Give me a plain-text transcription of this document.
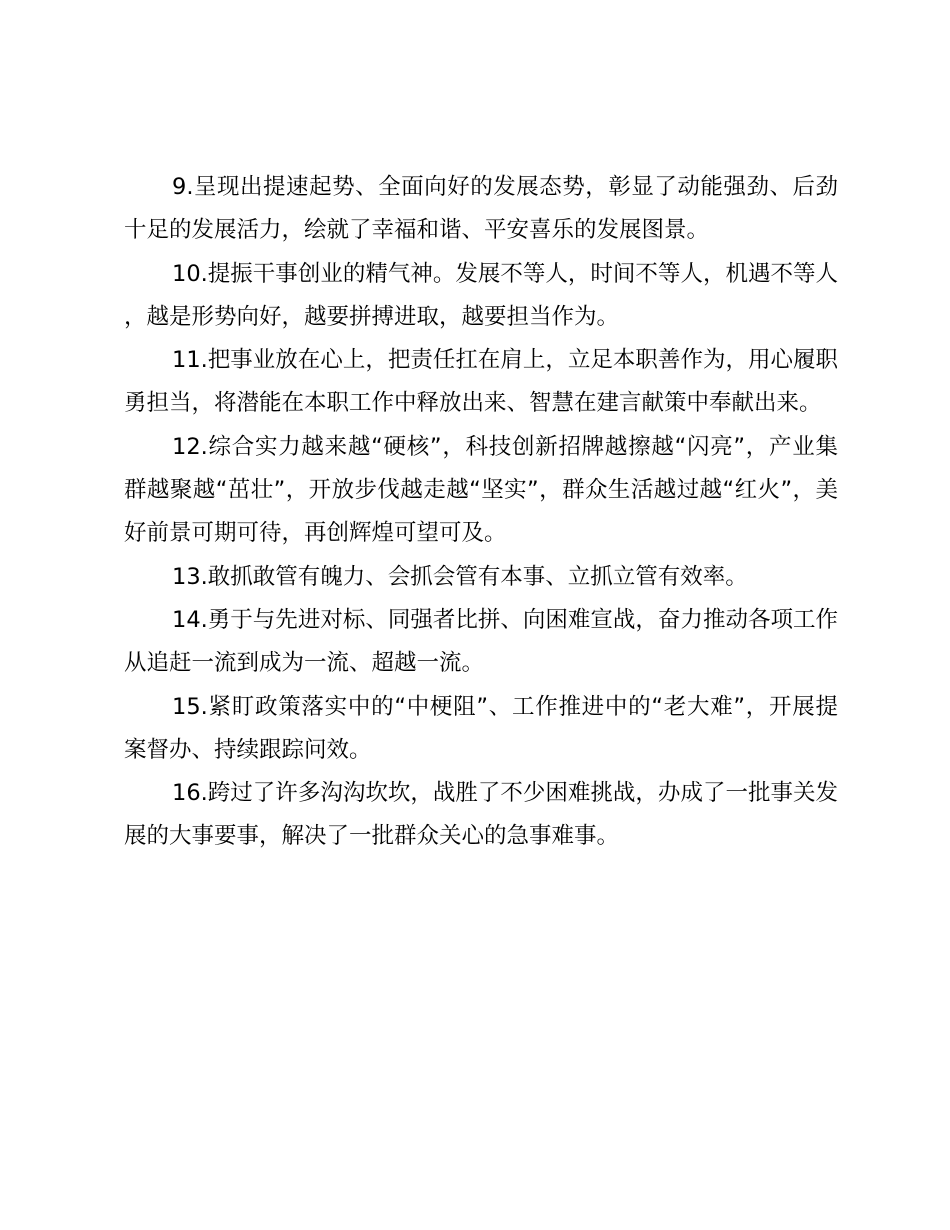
9.呈现出提速起势、全面向好的发展态势，彰显了动能强劲、后劲十足的发展活力，绘就了幸福和谐、平安喜乐的发展图景。

10.提振干事创业的精气神。发展不等人，时间不等人，机遇不等人，越是形势向好，越要拼搏进取，越要担当作为。

11.把事业放在心上，把责任扛在肩上，立足本职善作为，用心履职勇担当，将潜能在本职工作中释放出来、智慧在建言献策中奉献出来。

12.综合实力越来越“硬核”，科技创新招牌越擦越“闪亮”，产业集群越聚越“茁壮”，开放步伐越走越“坚实”，群众生活越过越“红火”，美好前景可期可待，再创辉煌可望可及。

13.敢抓敢管有魄力、会抓会管有本事、立抓立管有效率。

14.勇于与先进对标、同强者比拼、向困难宣战，奋力推动各项工作从追赶一流到成为一流、超越一流。

15.紧盯政策落实中的“中梗阻”、工作推进中的“老大难”，开展提案督办、持续跟踪问效。

16.跨过了许多沟沟坎坎，战胜了不少困难挑战，办成了一批事关发展的大事要事，解决了一批群众关心的急事难事。
